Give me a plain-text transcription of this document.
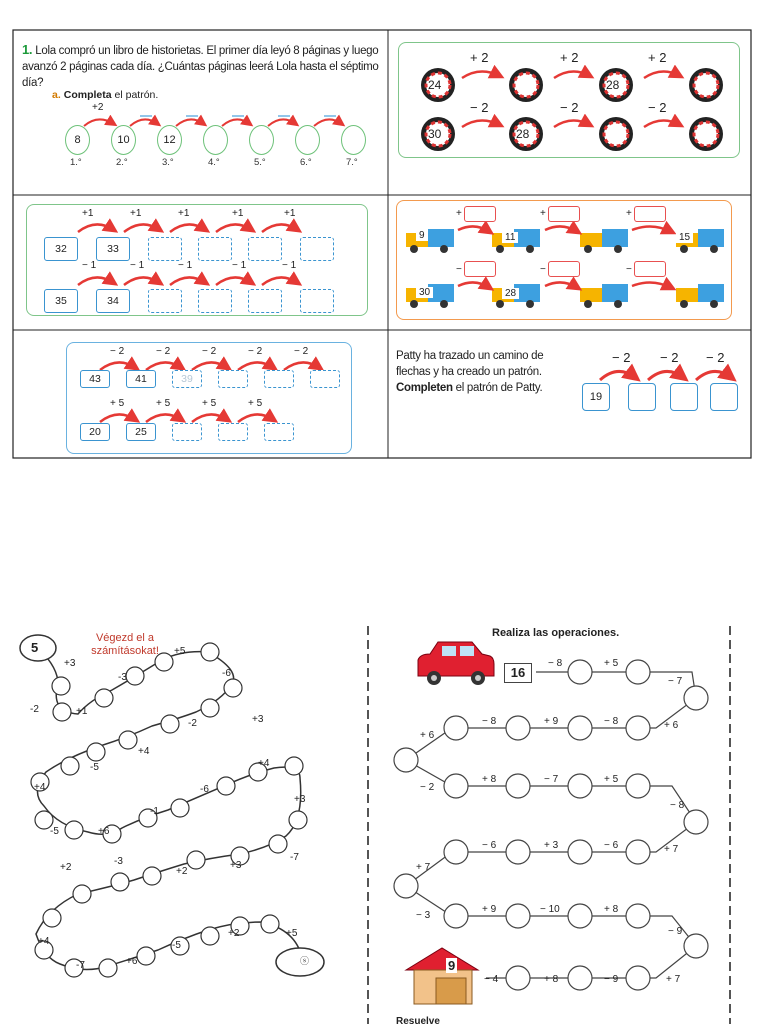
1. Lola compró un libro de historietas. El primer día leyó 8 páginas y luego avanzó 2 páginas cada día. ¿Cuántas páginas leerá Lola hasta el séptimo día?
a. Completa el patrón.
+2
8	10	12
1.°	2.°	3.°	4.°	5.°	6.°	7.°
+ 2	+ 2	+ 2
− 2	− 2	− 2
24	28
30	28
+1	+1	+1	+1	+1
32	33
− 1	− 1	− 1	− 1	− 1
35	34
+	+	+
9	11	15
−	−	−
30	28
− 2	− 2	− 2	− 2	− 2
43	41	39
+ 5	+ 5	+ 5	+ 5
20	25
Patty ha trazado un camino de flechas y ha creado un patrón. Completen el patrón de Patty.
− 2 − 2 − 2
19
5
Végezd el a számításokat!
ⓢ
+3
-2	+1
-3
+5
-6
+3
-2
+4
-5
+4	-6
+4
+3
-1
+6
-5
-7
+3
+2
-3
+2
+4
-7	+6
-5
+2	+5
Realiza las operaciones.
16
9
− 8	+ 5
− 7
+ 6
− 8	+ 9	− 8	+ 6
− 2
+ 8	− 7	+ 5
− 8
+ 7
− 6	+ 3	− 6	+ 7
− 3
+ 9	− 10	+ 8
− 9
− 4	+ 8	− 9	+ 7
Resuelve
